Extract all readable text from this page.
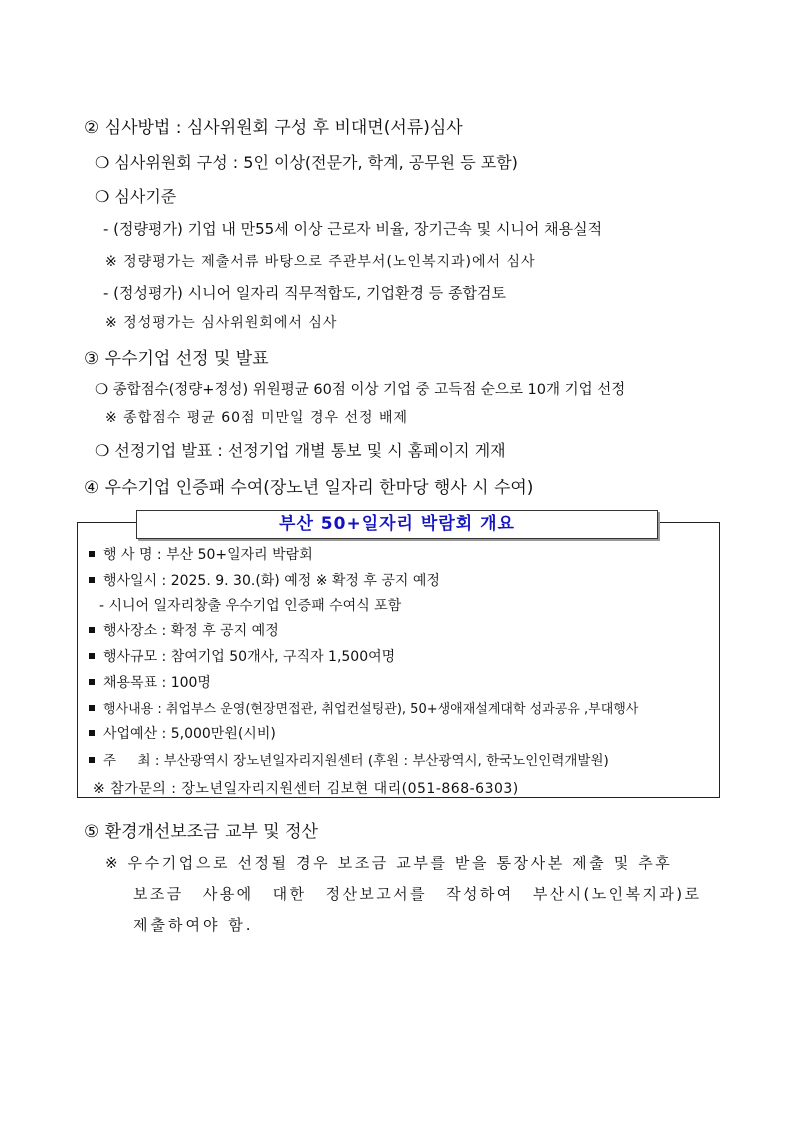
② 심사방법 : 심사위원회 구성 후 비대면(서류)심사
❍ 심사위원회 구성 : 5인 이상(전문가, 학계, 공무원 등 포함)
❍ 심사기준
- (정량평가) 기업 내 만55세 이상 근로자 비율, 장기근속 및 시니어 채용실적
※ 정량평가는 제출서류 바탕으로 주관부서(노인복지과)에서 심사
- (정성평가) 시니어 일자리 직무적합도, 기업환경 등 종합검토
※ 정성평가는 심사위원회에서 심사
③ 우수기업 선정 및 발표
❍ 종합점수(정량+정성) 위원평균 60점 이상 기업 중 고득점 순으로 10개 기업 선정
※ 종합점수 평균 60점 미만일 경우 선정 배제
❍ 선정기업 발표 : 선정기업 개별 통보 및 시 홈페이지 게재
④ 우수기업 인증패 수여(장노년 일자리 한마당 행사 시 수여)
부산 50+일자리 박람회 개요
행 사 명 : 부산 50+일자리 박람회
행사일시 : 2025. 9. 30.(화) 예정 ※ 확정 후 공지 예정
- 시니어 일자리창출 우수기업 인증패 수여식 포함
행사장소 : 확정 후 공지 예정
행사규모 : 참여기업 50개사, 구직자 1,500여명
채용목표 : 100명
행사내용 : 취업부스 운영(현장면접관, 취업컨설팅관), 50+생애재설계대학 성과공유 ,부대행사
사업예산 : 5,000만원(시비)
주     최 : 부산광역시 장노년일자리지원센터 (후원 : 부산광역시, 한국노인인력개발원)
※ 참가문의 : 장노년일자리지원센터 김보현 대리(051-868-6303)
⑤ 환경개선보조금 교부 및 정산
※ 우수기업으로 선정될 경우 보조금 교부를 받을 통장사본 제출 및 추후
보조금 사용에 대한 정산보고서를 작성하여 부산시(노인복지과)로
제출하여야 함.
